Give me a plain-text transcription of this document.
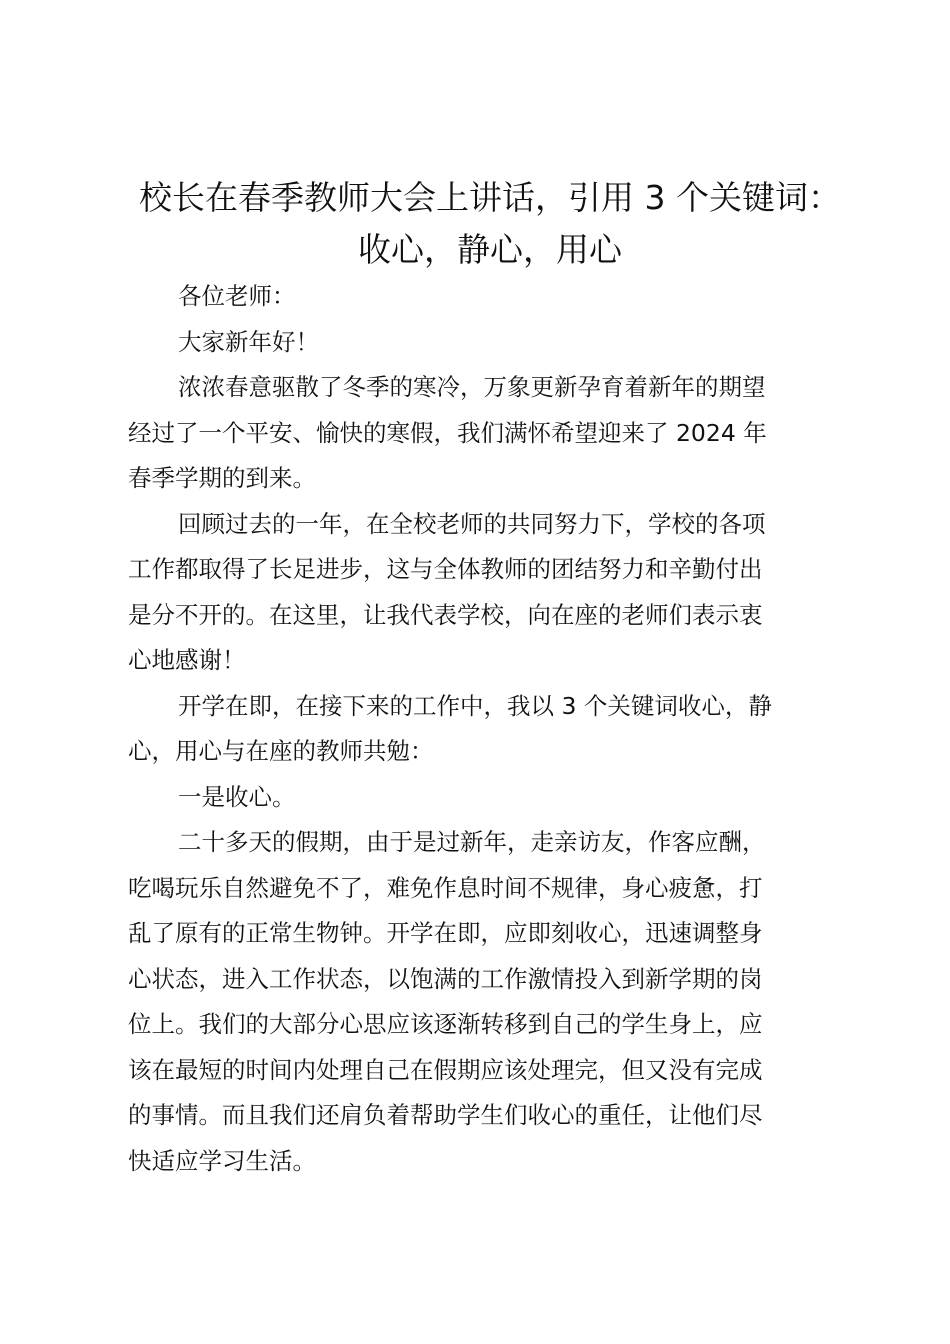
校长在春季教师大会上讲话，引用 3 个关键词：
收心，静心，用心

各位老师：

大家新年好！

浓浓春意驱散了冬季的寒冷，万象更新孕育着新年的期望
经过了一个平安、愉快的寒假，我们满怀希望迎来了 2024 年
春季学期的到来。

回顾过去的一年，在全校老师的共同努力下，学校的各项
工作都取得了长足进步，这与全体教师的团结努力和辛勤付出
是分不开的。在这里，让我代表学校，向在座的老师们表示衷
心地感谢！

开学在即，在接下来的工作中，我以 3 个关键词收心，静
心，用心与在座的教师共勉：

一是收心。

二十多天的假期，由于是过新年，走亲访友，作客应酬，
吃喝玩乐自然避免不了，难免作息时间不规律，身心疲惫，打
乱了原有的正常生物钟。开学在即，应即刻收心，迅速调整身
心状态，进入工作状态，以饱满的工作激情投入到新学期的岗
位上。我们的大部分心思应该逐渐转移到自己的学生身上，应
该在最短的时间内处理自己在假期应该处理完，但又没有完成
的事情。而且我们还肩负着帮助学生们收心的重任，让他们尽
快适应学习生活。
